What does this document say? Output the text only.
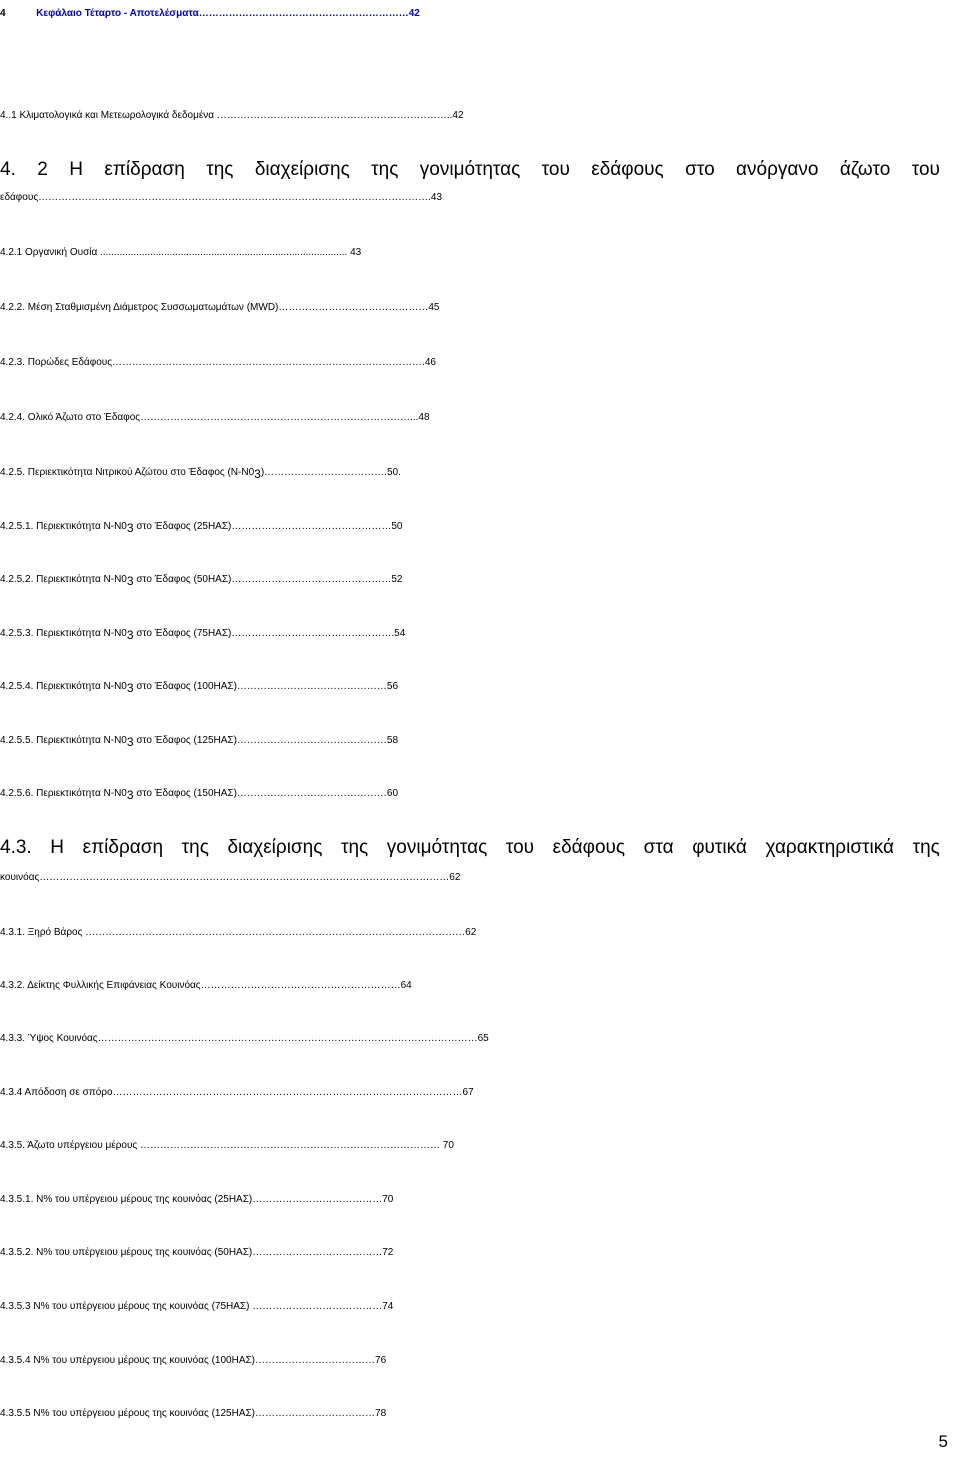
4           Κεφάλαιο Τέταρτο - Αποτελέσματα………………………………………………………42
4..1 Κλιματολογικά και Μετεωρολογικά δεδομένα ……………………………………………………………..42
4. 2 Η επίδραση της διαχείρισης της γονιμότητας του εδάφους στο ανόργανο άζωτο του
εδάφους……………………………………………………………………………………………………….43
4.2.1 Οργανική Ουσία ......................................................................................... 43
4.2.2. Μέση Σταθμισμένη Διάμετρος Συσσωματωμάτων (MWD)………………………………………45
4.2.3. Πορώδες Εδάφους………………………………………………………………………………….46
4.2.4. Ολικό Άζωτο στο Έδαφος………………………………………………………………………...48
4.2.5. Περιεκτικότητα Νιτρικού Αζώτου στο Έδαφος (Ν-Ν03)……………………………….50.
4.2.5.1. Περιεκτικότητα Ν-Ν03 στο Έδαφος (25ΗΑΣ)…………………………………………50
4.2.5.2. Περιεκτικότητα Ν-Ν03 στο Έδαφος (50ΗΑΣ)…………………………………………52
4.2.5.3. Περιεκτικότητα Ν-Ν03 στο Έδαφος (75ΗΑΣ)………………………………………….54
4.2.5.4. Περιεκτικότητα Ν-Ν03 στο Έδαφος (100ΗΑΣ)………………………………………56
4.2.5.5. Περιεκτικότητα Ν-Ν03 στο Έδαφος (125ΗΑΣ)………………………………………58
4.2.5.6. Περιεκτικότητα Ν-Ν03 στο Έδαφος (150ΗΑΣ)………………………………………60
4.3. Η επίδραση της διαχείρισης της γονιμότητας του εδάφους στα φυτικά χαρακτηριστικά της
κουινόας……………………………………………………………………………………………………………62
4.3.1. Ξηρό Βάρος ……………………………………………………………………………………………………62
4.3.2. Δείκτης Φυλλικής Επιφάνειας Κουινόας……………………………………………………64
4.3.3. Ύψος Κουινόας……………………………………………………………………………………………………65
4.3.4 Απόδοση σε σπόρο……………………………………………………………………………………………67
4.3.5. Άζωτο υπέργειου μέρους ……………………………………………………………………………… 70
4.3.5.1. Ν% του υπέργειου μέρους της κουινόας (25ΗΑΣ)…………………………………70
4.3.5.2. Ν% του υπέργειου μέρους της κουινόας (50ΗΑΣ)…………………………………72
4.3.5.3 Ν% του υπέργειου μέρους της κουινόας (75ΗΑΣ) …………………………………74
4.3.5.4 Ν% του υπέργειου μέρους της κουινόας (100ΗΑΣ)………………………………76
4.3.5.5 Ν% του υπέργειου μέρους της κουινόας (125ΗΑΣ)………………………………78
5
